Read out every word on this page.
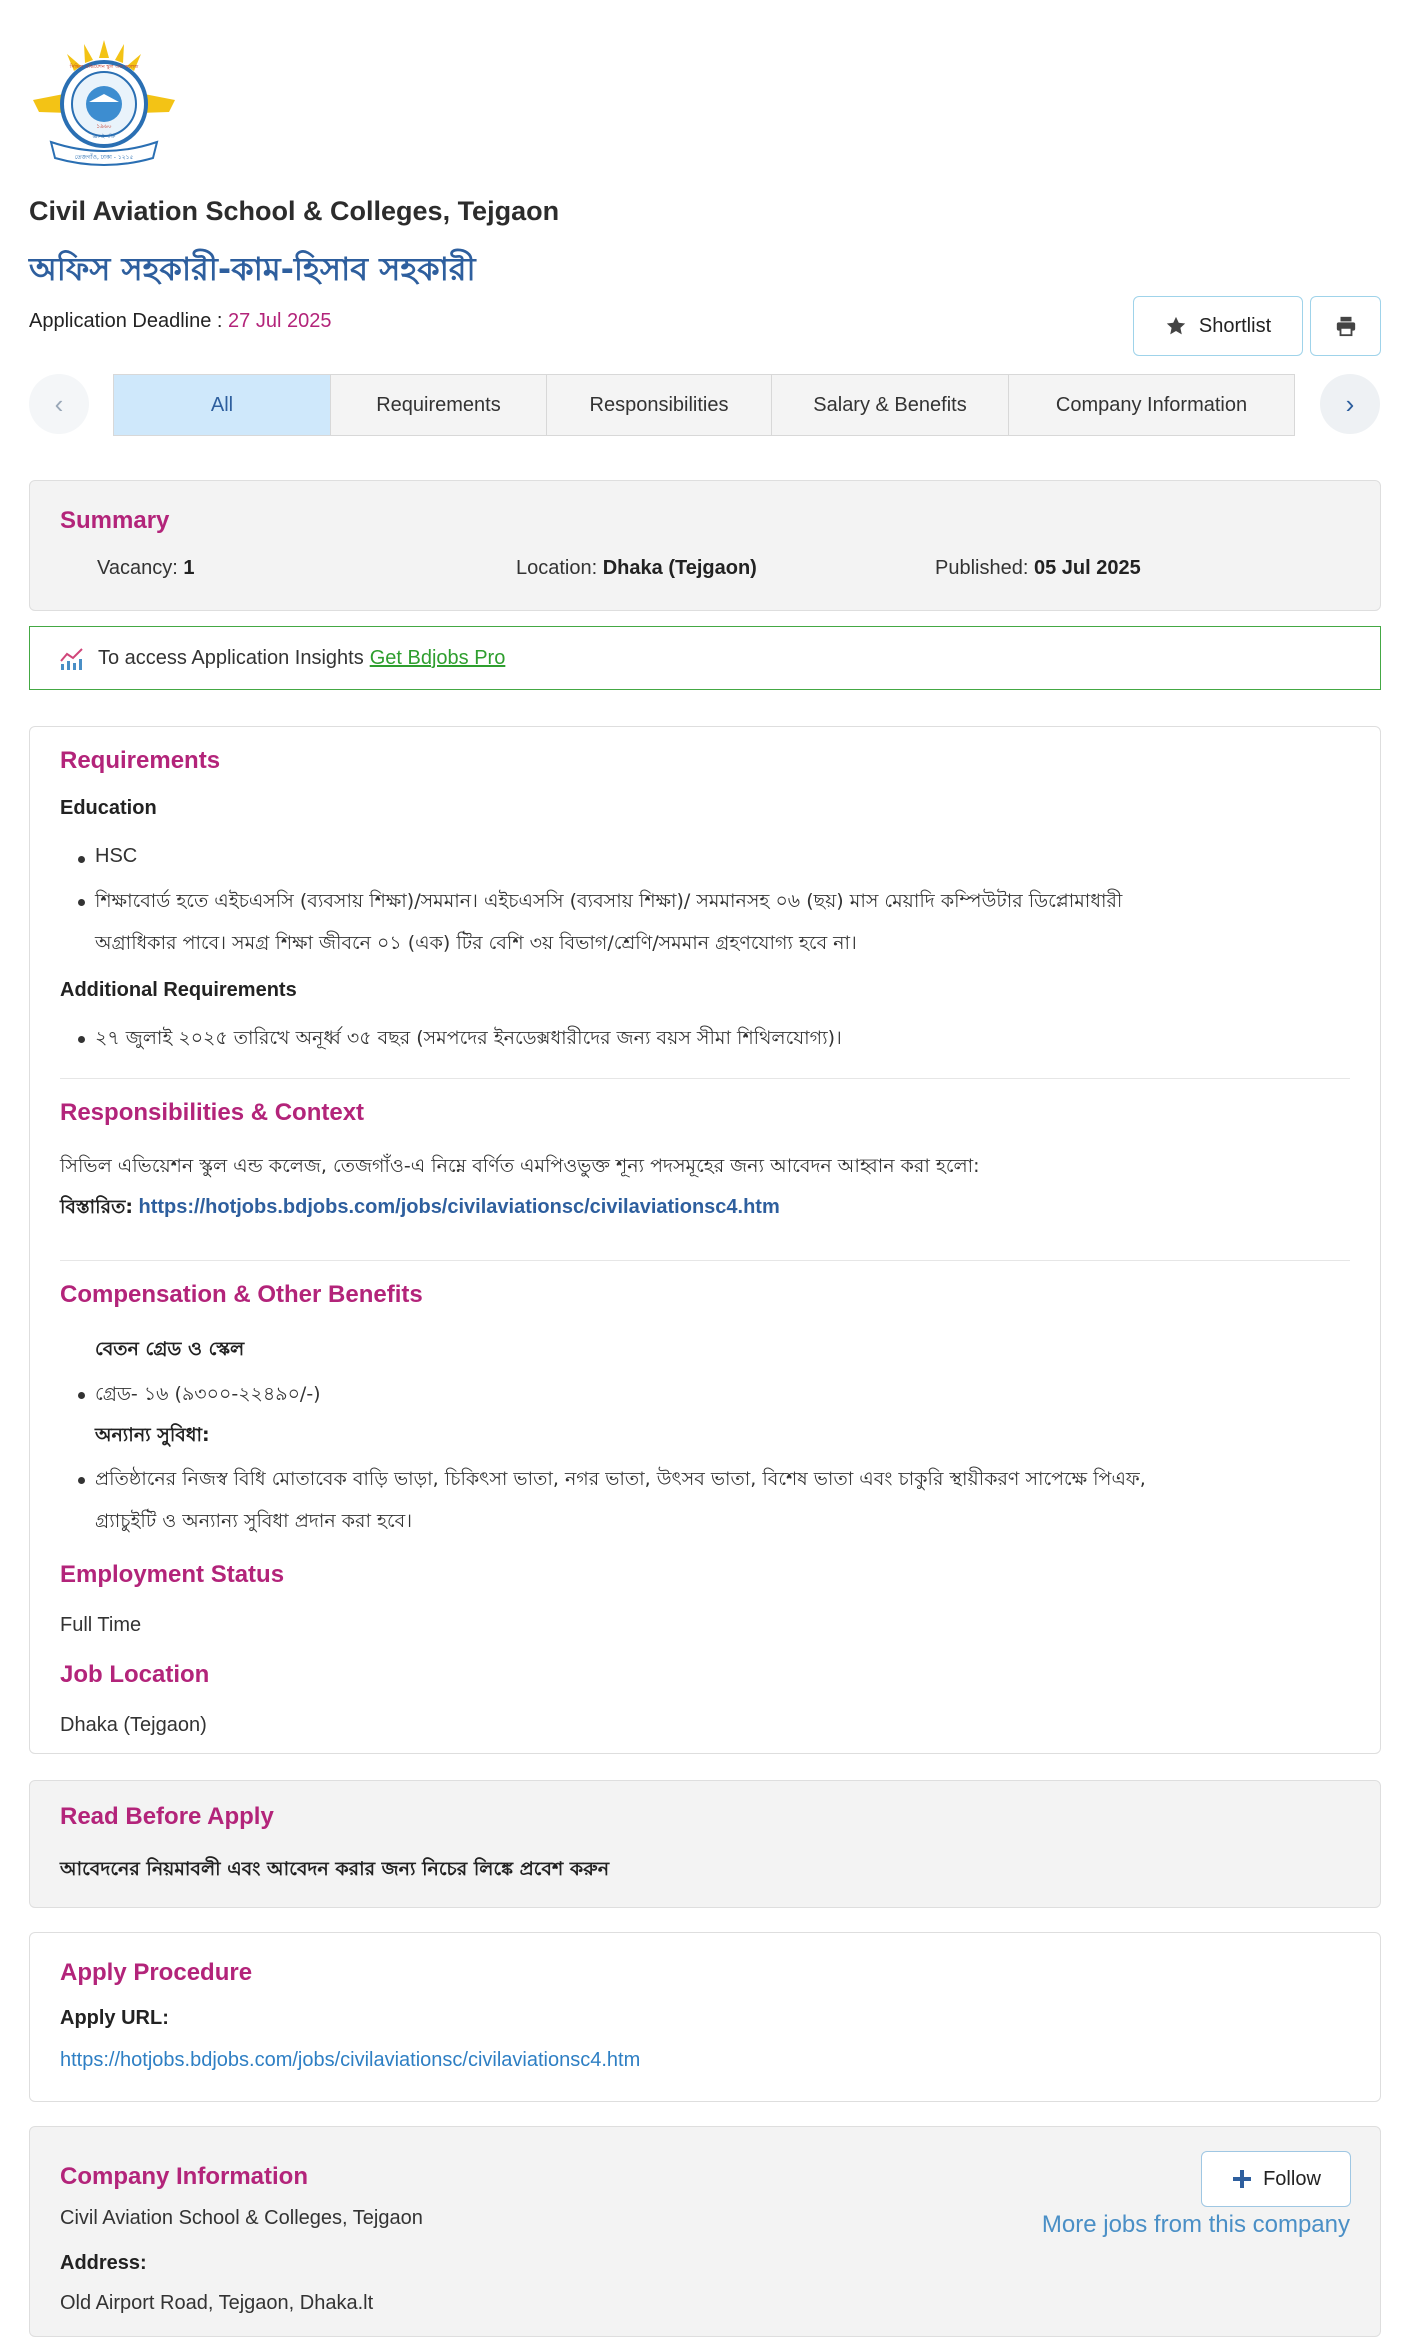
১৯৬০
সিভিল এভিয়েশন স্কুল এন্ড কলেজ
জ্ঞানই শক্তি
তেজগাঁও, ঢাকা - ১২১৫
Civil Aviation School & Colleges, Tejgaon
অফিস সহকারী-কাম-হিসাব সহকারী
Application Deadline : 27 Jul 2025	Shortlist
‹	All	Requirements	Responsibilities	Salary & Benefits	Company Information	›
Summary
Vacancy: 1	Location: Dhaka (Tejgaon)	Published: 05 Jul 2025
To access Application Insights Get Bdjobs Pro
Requirements
Education
HSC
শিক্ষাবোর্ড হতে এইচএসসি (ব্যবসায় শিক্ষা)/সমমান। এইচএসসি (ব্যবসায় শিক্ষা)/ সমমানসহ ০৬ (ছয়) মাস মেয়াদি কম্পিউটার ডিপ্লোমাধারী
অগ্রাধিকার পাবে। সমগ্র শিক্ষা জীবনে ০১ (এক) টির বেশি ৩য় বিভাগ/শ্রেণি/সমমান গ্রহণযোগ্য হবে না।
Additional Requirements
২৭ জুলাই ২০২৫ তারিখে অনূর্ধ্ব ৩৫ বছর (সমপদের ইনডেক্সধারীদের জন্য বয়স সীমা শিথিলযোগ্য)।
Responsibilities & Context
সিভিল এভিয়েশন স্কুল এন্ড কলেজ, তেজগাঁও-এ নিম্নে বর্ণিত এমপিওভুক্ত শূন্য পদসমূহের জন্য আবেদন আহ্বান করা হলো:
বিস্তারিত: https://hotjobs.bdjobs.com/jobs/civilaviationsc/civilaviationsc4.htm
Compensation & Other Benefits
বেতন গ্রেড ও স্কেল
গ্রেড- ১৬ (৯৩০০-২২৪৯০/-)
অন্যান্য সুবিধা:
প্রতিষ্ঠানের নিজস্ব বিধি মোতাবেক বাড়ি ভাড়া, চিকিৎসা ভাতা, নগর ভাতা, উৎসব ভাতা, বিশেষ ভাতা এবং চাকুরি স্থায়ীকরণ সাপেক্ষে পিএফ,
গ্র্যাচুইটি ও অন্যান্য সুবিধা প্রদান করা হবে।
Employment Status
Full Time
Job Location
Dhaka (Tejgaon)
Read Before Apply
আবেদনের নিয়মাবলী এবং আবেদন করার জন্য নিচের লিঙ্কে প্রবেশ করুন
Apply Procedure
Apply URL:
https://hotjobs.bdjobs.com/jobs/civilaviationsc/civilaviationsc4.htm
Company Information
Civil Aviation School & Colleges, Tejgaon
Address:
Old Airport Road, Tejgaon, Dhaka.lt
Follow
More jobs from this company
